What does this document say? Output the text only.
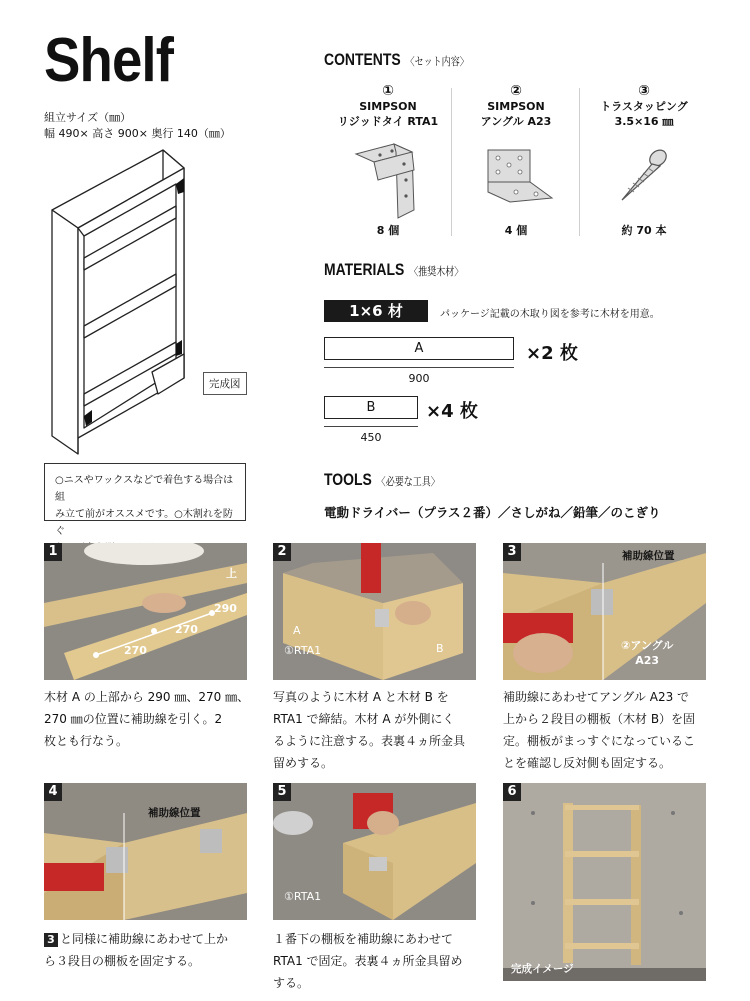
Shelf
組立サイズ（㎜）
幅 490× 高さ 900× 奥行 140（㎜）
完成図
○ニスやワックスなどで着色する場合は組
み立て前がオススメです。○木割れを防ぐ
CONTENTS 〈セット内容〉
①
SIMPSON
リジッドタイ RTA1
②
SIMPSON
アングル A23
③
トラスタッピング
3.5×16 ㎜
8 個	4 個	約 70 本
MATERIALS 〈推奨木材〉
1×6 材	パッケージ記載の木取り図を参考に木材を用意。
A	×2 枚
900
B	×4 枚
450
TOOLS 〈必要な工具〉
電動ドライバー（プラス２番）／さしがね／鉛筆／のこぎり
1
上
290
270
270
木材 A の上部から 290 ㎜、270 ㎜、
270 ㎜の位置に補助線を引く。2
枚とも行なう。
2
A
①RTA1	B
写真のように木材 A と木材 B を
RTA1 で締結。木材 A が外側にく
るように注意する。表裏４ヵ所金具
留めする。
3	補助線位置
②アングル
A23
補助線にあわせてアングル A23 で
上から２段目の棚板（木材 B）を固
定。棚板がまっすぐになっているこ
とを確認し反対側も固定する。
4
補助線位置
3 と同様に補助線にあわせて上か
ら３段目の棚板を固定する。
5
①RTA1
１番下の棚板を補助線にあわせて
RTA1 で固定。表裏４ヵ所金具留め
する。
6
完成イメージ
